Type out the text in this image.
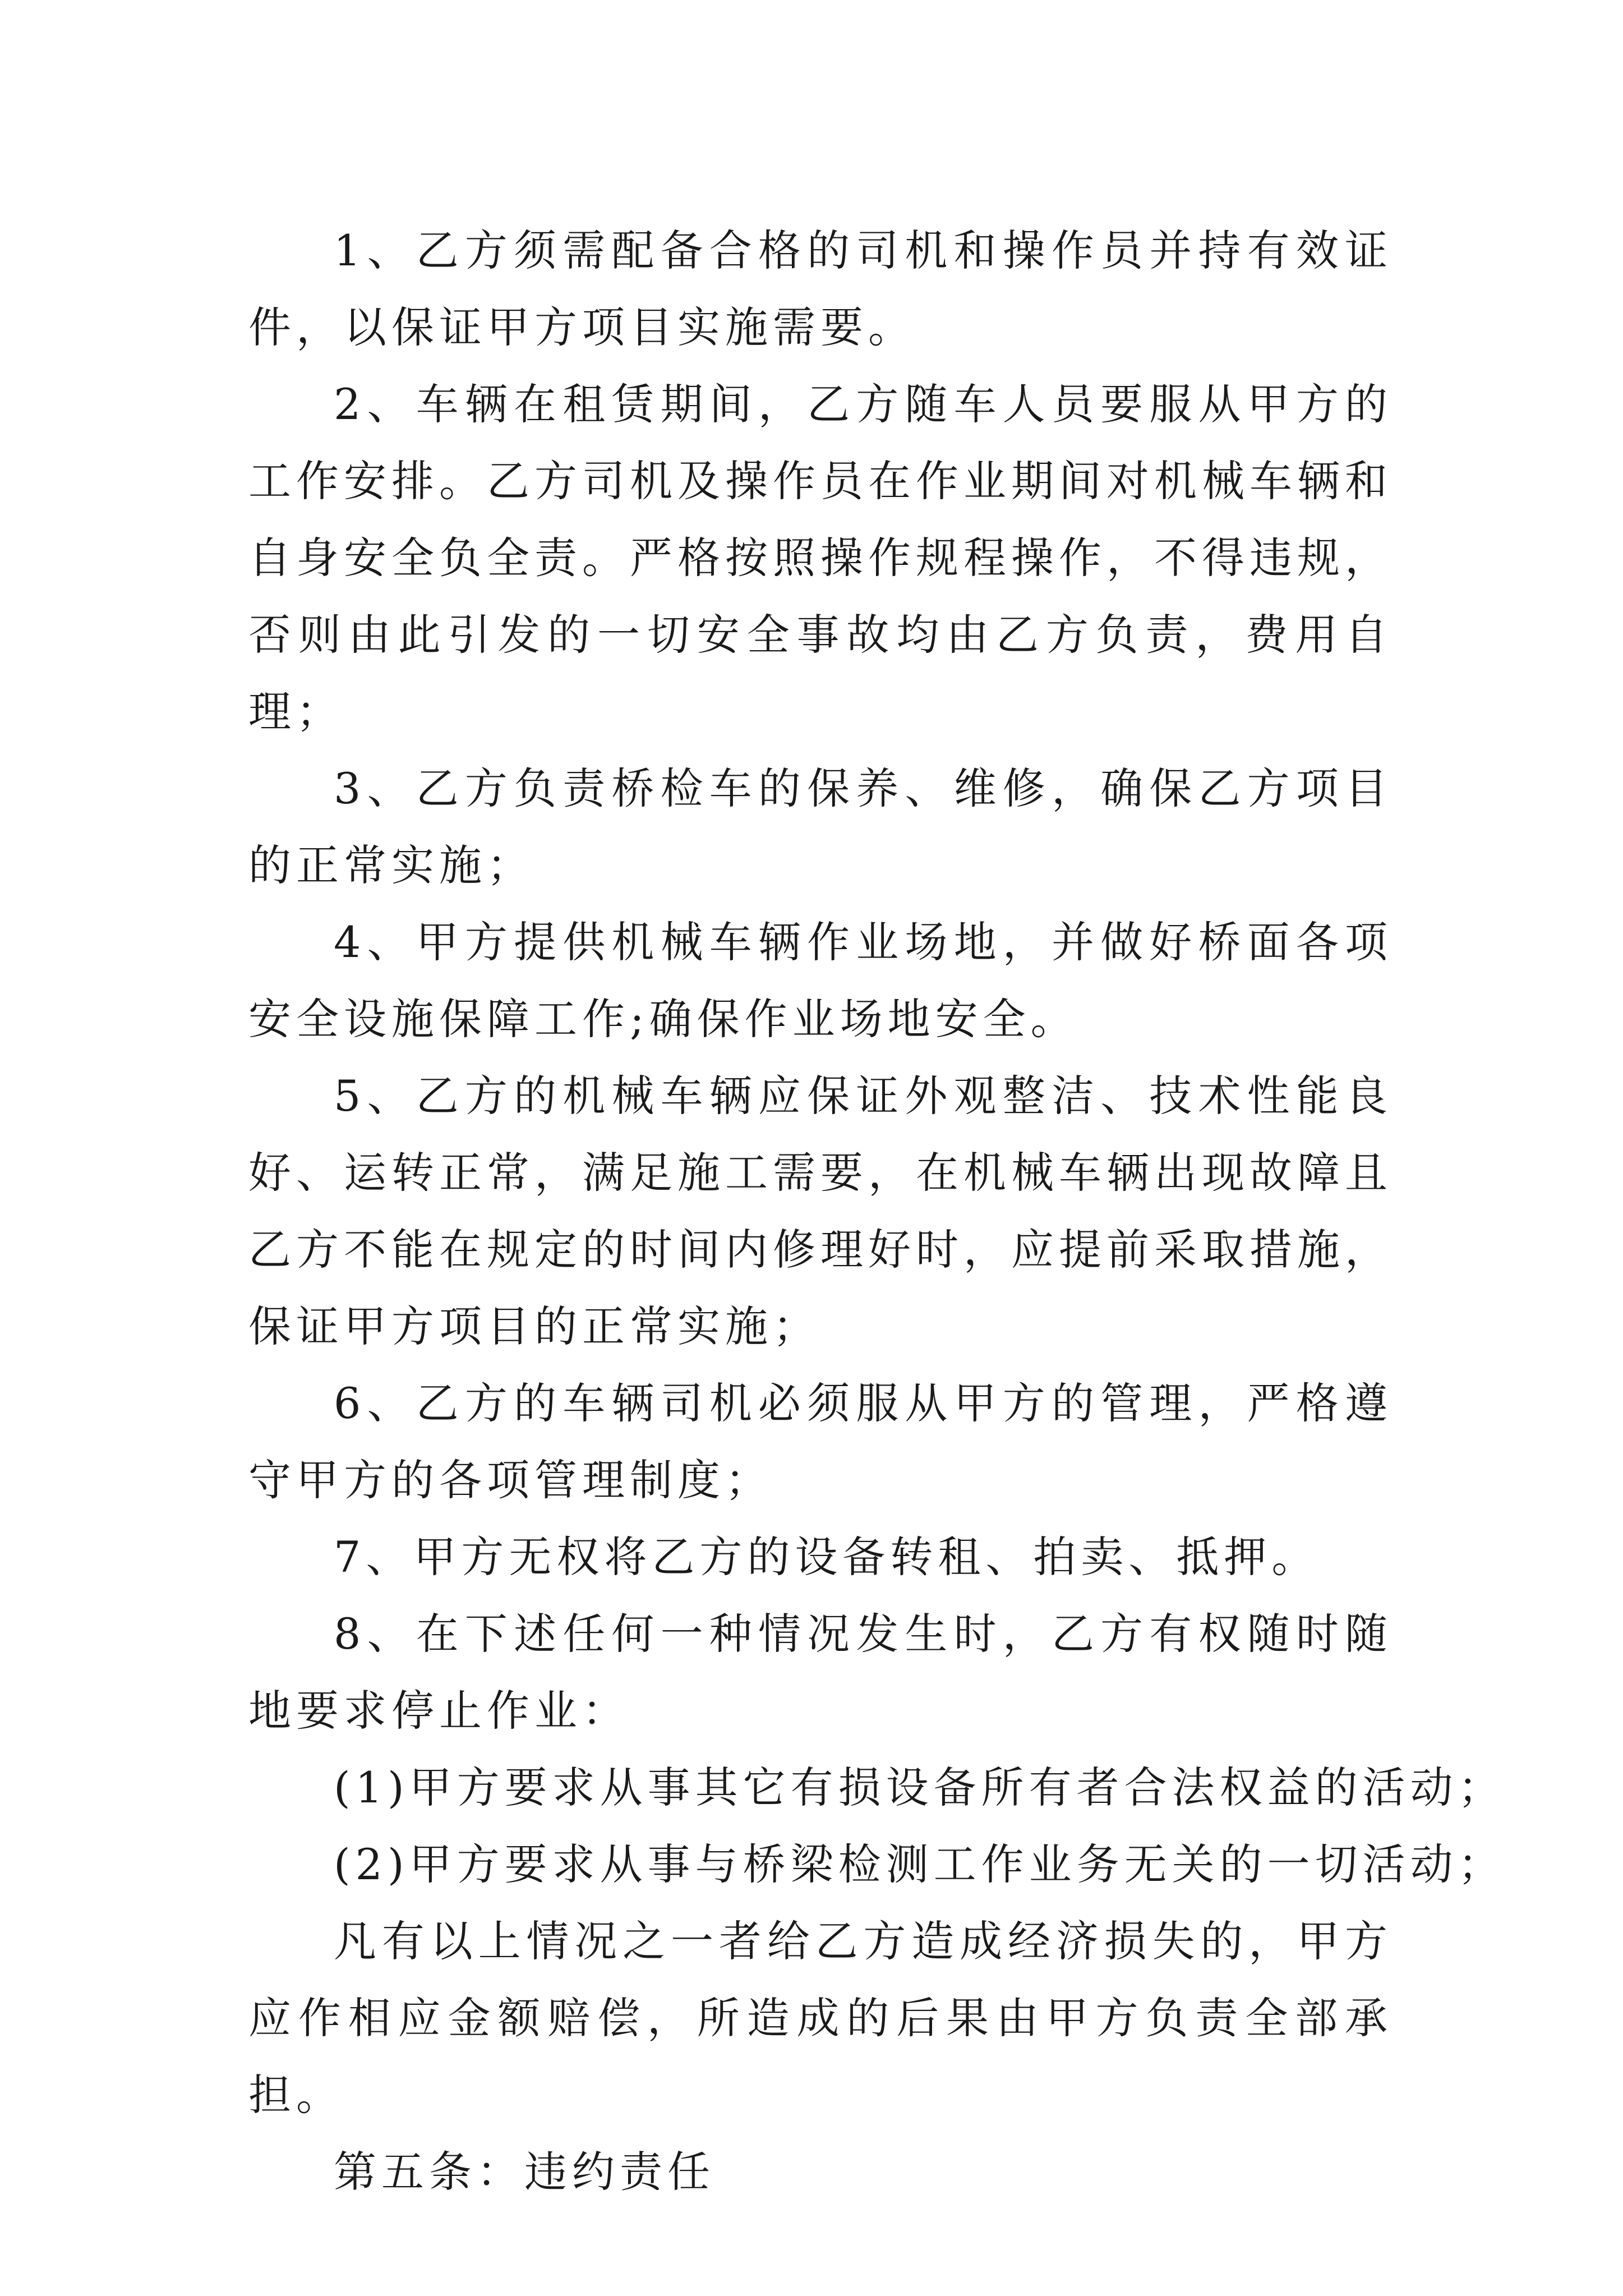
1、乙方须需配备合格的司机和操作员并持有效证件，以保证甲方项目实施需要。

2、车辆在租赁期间，乙方随车人员要服从甲方的工作安排。乙方司机及操作员在作业期间对机械车辆和自身安全负全责。严格按照操作规程操作，不得违规，否则由此引发的一切安全事故均由乙方负责，费用自理；

3、乙方负责桥检车的保养、维修，确保乙方项目的正常实施；

4、甲方提供机械车辆作业场地，并做好桥面各项安全设施保障工作;确保作业场地安全。

5、乙方的机械车辆应保证外观整洁、技术性能良好、运转正常，满足施工需要，在机械车辆出现故障且乙方不能在规定的时间内修理好时，应提前采取措施，保证甲方项目的正常实施；

6、乙方的车辆司机必须服从甲方的管理，严格遵守甲方的各项管理制度；

7、甲方无权将乙方的设备转租、拍卖、抵押。

8、在下述任何一种情况发生时，乙方有权随时随地要求停止作业：

(1)甲方要求从事其它有损设备所有者合法权益的活动；

(2)甲方要求从事与桥梁检测工作业务无关的一切活动；

凡有以上情况之一者给乙方造成经济损失的，甲方应作相应金额赔偿，所造成的后果由甲方负责全部承担。

第五条：违约责任
